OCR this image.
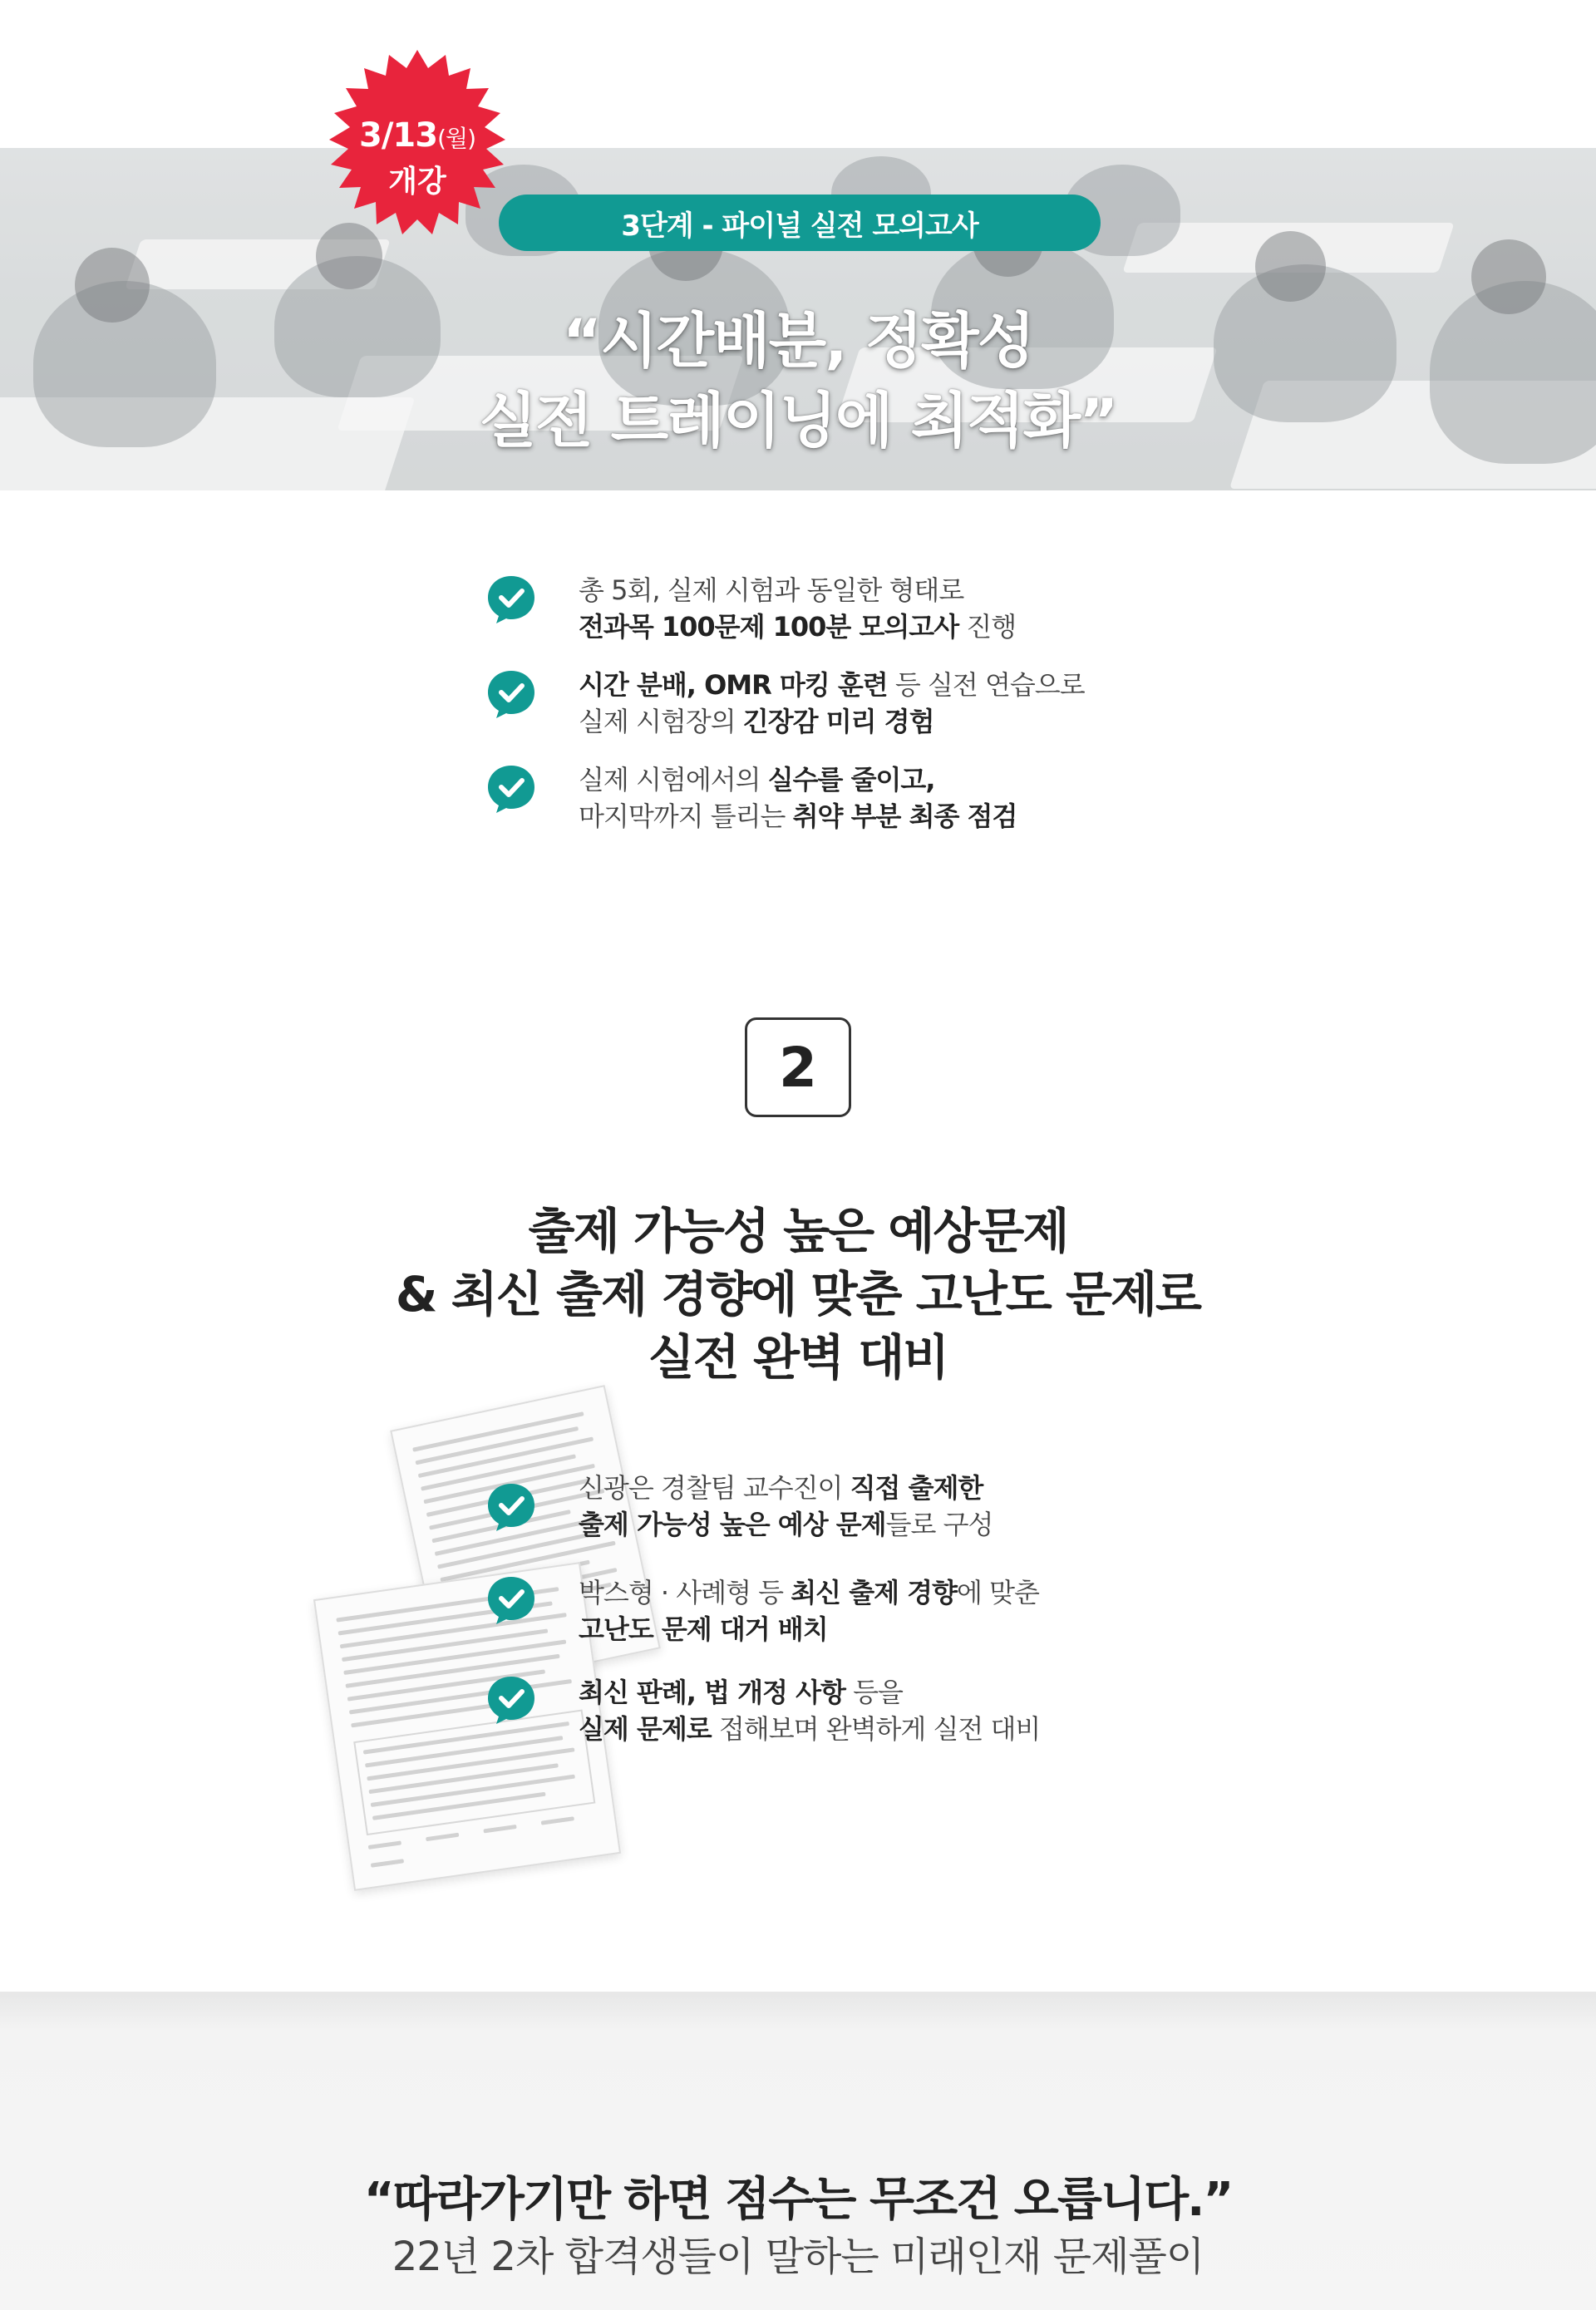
3/13(월)
개강
3단계 - 파이널 실전 모의고사
“시간배분, 정확성
실전 트레이닝에 최적화”
총 5회, 실제 시험과 동일한 형태로
전과목 100문제 100분 모의고사 진행
시간 분배, OMR 마킹 훈련 등 실전 연습으로
실제 시험장의 긴장감 미리 경험
실제 시험에서의 실수를 줄이고,
마지막까지 틀리는 취약 부분 최종 점검
2
출제 가능성 높은 예상문제
& 최신 출제 경향에 맞춘 고난도 문제로
실전 완벽 대비
신광은 경찰팀 교수진이 직접 출제한
출제 가능성 높은 예상 문제들로 구성
박스형 · 사례형 등 최신 출제 경향에 맞춘
고난도 문제 대거 배치
최신 판례, 법 개정 사항 등을
실제 문제로 접해보며 완벽하게 실전 대비
“따라가기만 하면 점수는 무조건 오릅니다.”
22년 2차 합격생들이 말하는 미래인재 문제풀이
